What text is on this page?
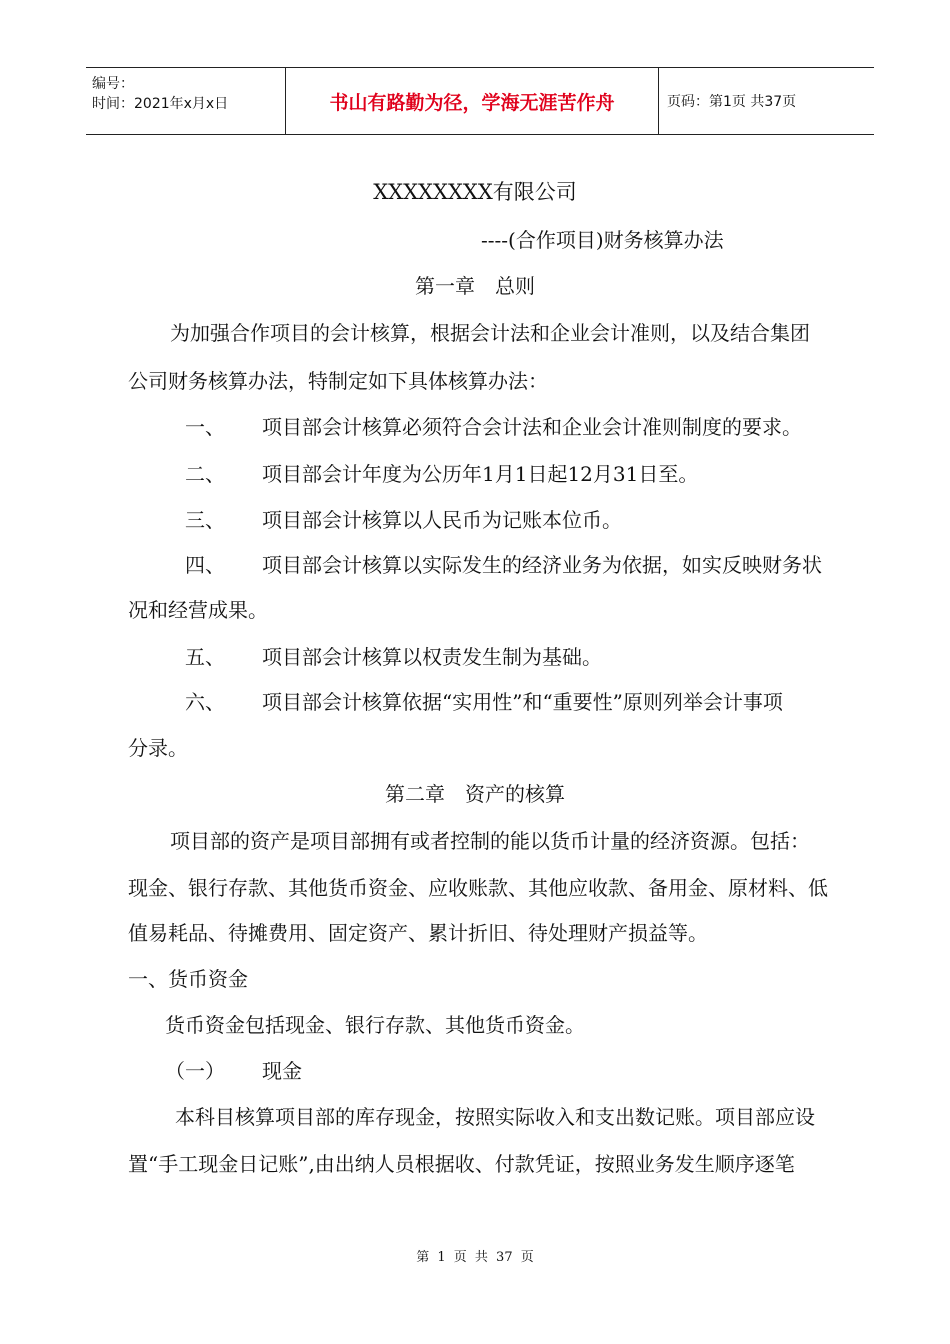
编号：
时间：2021年x月x日	书山有路勤为径，学海无涯苦作舟	页码：第1页 共37页
XXXXXXXX有限公司
----(合作项目)财务核算办法
第一章　总则
为加强合作项目的会计核算，根据会计法和企业会计准则，以及结合集团
公司财务核算办法，特制定如下具体核算办法：
一、 项目部会计核算必须符合会计法和企业会计准则制度的要求。
二、 项目部会计年度为公历年1月1日起12月31日至。
三、 项目部会计核算以人民币为记账本位币。
四、 项目部会计核算以实际发生的经济业务为依据，如实反映财务状
况和经营成果。
五、 项目部会计核算以权责发生制为基础。
六、 项目部会计核算依据“实用性”和“重要性”原则列举会计事项
分录。
第二章　资产的核算
项目部的资产是项目部拥有或者控制的能以货币计量的经济资源。包括：
现金、银行存款、其他货币资金、应收账款、其他应收款、备用金、原材料、低
值易耗品、待摊费用、固定资产、累计折旧、待处理财产损益等。
一、货币资金
货币资金包括现金、银行存款、其他货币资金。
（一） 现金
本科目核算项目部的库存现金，按照实际收入和支出数记账。项目部应设
置“手工现金日记账”,由出纳人员根据收、付款凭证，按照业务发生顺序逐笔
第 1 页 共 37 页
